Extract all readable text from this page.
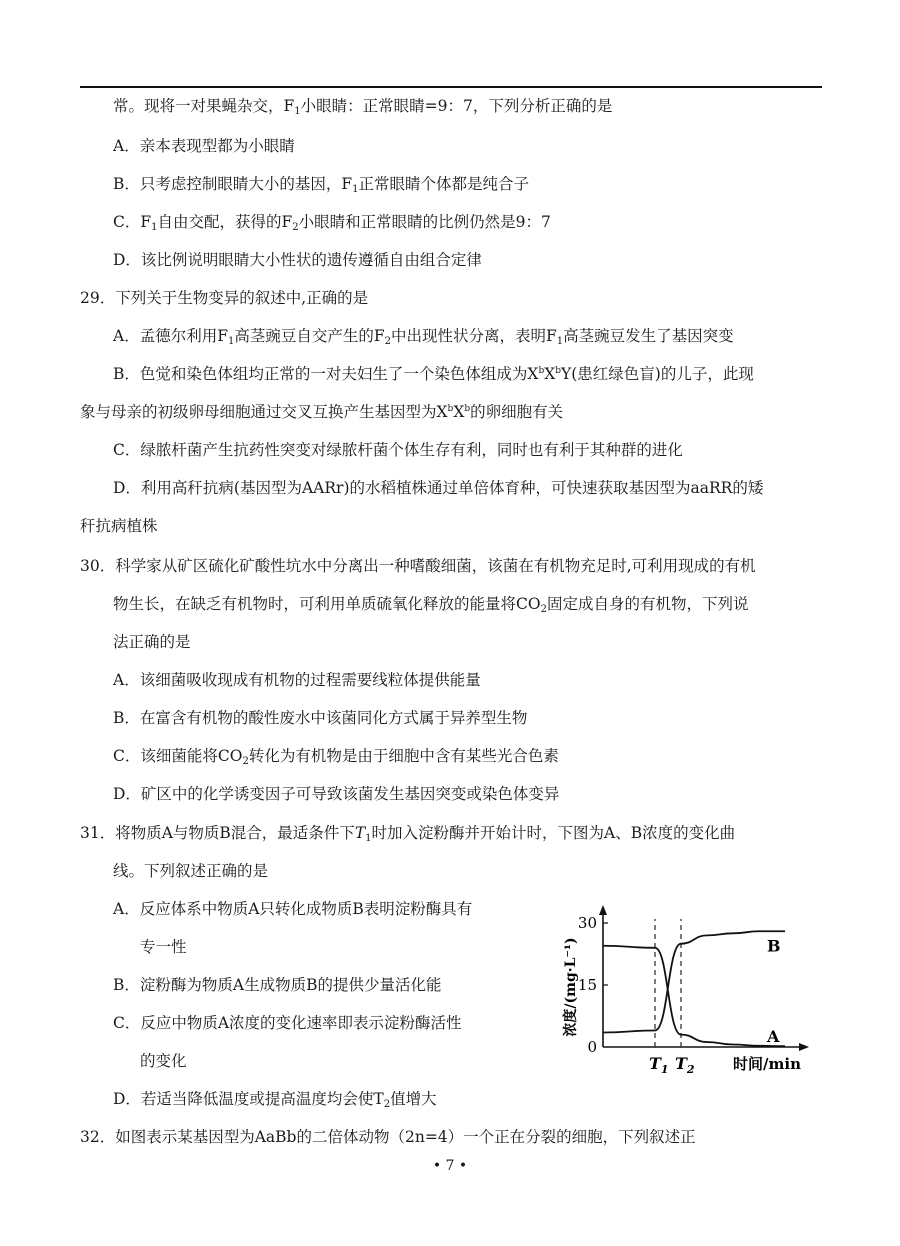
常。现将一对果蝇杂交，$F_1$小眼睛：正常眼睛=9：7，下列分析正确的是
A．亲本表现型都为小眼睛
B．只考虑控制眼睛大小的基因，$F_1$正常眼睛个体都是纯合子
C．$F_1$自由交配，获得的$F_2$小眼睛和正常眼睛的比例仍然是9：7
D．该比例说明眼睛大小性状的遗传遵循自由组合定律
29．下列关于生物变异的叙述中,正确的是
A．孟德尔利用$F_1$高茎豌豆自交产生的$F_2$中出现性状分离，表明$F_1$高茎豌豆发生了基因突变
B．色觉和染色体组均正常的一对夫妇生了一个染色体组成为$X^bX^bY$(患红绿色盲)的儿子，此现
象与母亲的初级卵母细胞通过交叉互换产生基因型为$X^bX^b$的卵细胞有关
C．绿脓杆菌产生抗药性突变对绿脓杆菌个体生存有利，同时也有利于其种群的进化
D．利用高秆抗病(基因型为AARr)的水稻植株通过单倍体育种，可快速获取基因型为aaRR的矮
秆抗病植株
30．科学家从矿区硫化矿酸性坑水中分离出一种嗜酸细菌，该菌在有机物充足时,可利用现成的有机
物生长，在缺乏有机物时，可利用单质硫氧化释放的能量将$CO_2$固定成自身的有机物，下列说
法正确的是
A．该细菌吸收现成有机物的过程需要线粒体提供能量
B．在富含有机物的酸性废水中该菌同化方式属于异养型生物
C．该细菌能将$CO_2$转化为有机物是由于细胞中含有某些光合色素
D．矿区中的化学诱变因子可导致该菌发生基因突变或染色体变异
31．将物质A与物质B混合，最适条件下$T_1$时加入淀粉酶并开始计时，下图为A、B浓度的变化曲
线。下列叙述正确的是
A．反应体系中物质A只转化成物质B表明淀粉酶具有
专一性
B．淀粉酶为物质A生成物质B的提供少量活化能
C．反应中物质A浓度的变化速率即表示淀粉酶活性
的变化
D．若适当降低温度或提高温度均会使$T_2$值增大
32．如图表示某基因型为AaBb的二倍体动物（2n=4）一个正在分裂的细胞，下列叙述正
30
15
0
浓度/(mg·L⁻¹)
$T_1$ $T_2$	时间/min
B
A
• 7 •
